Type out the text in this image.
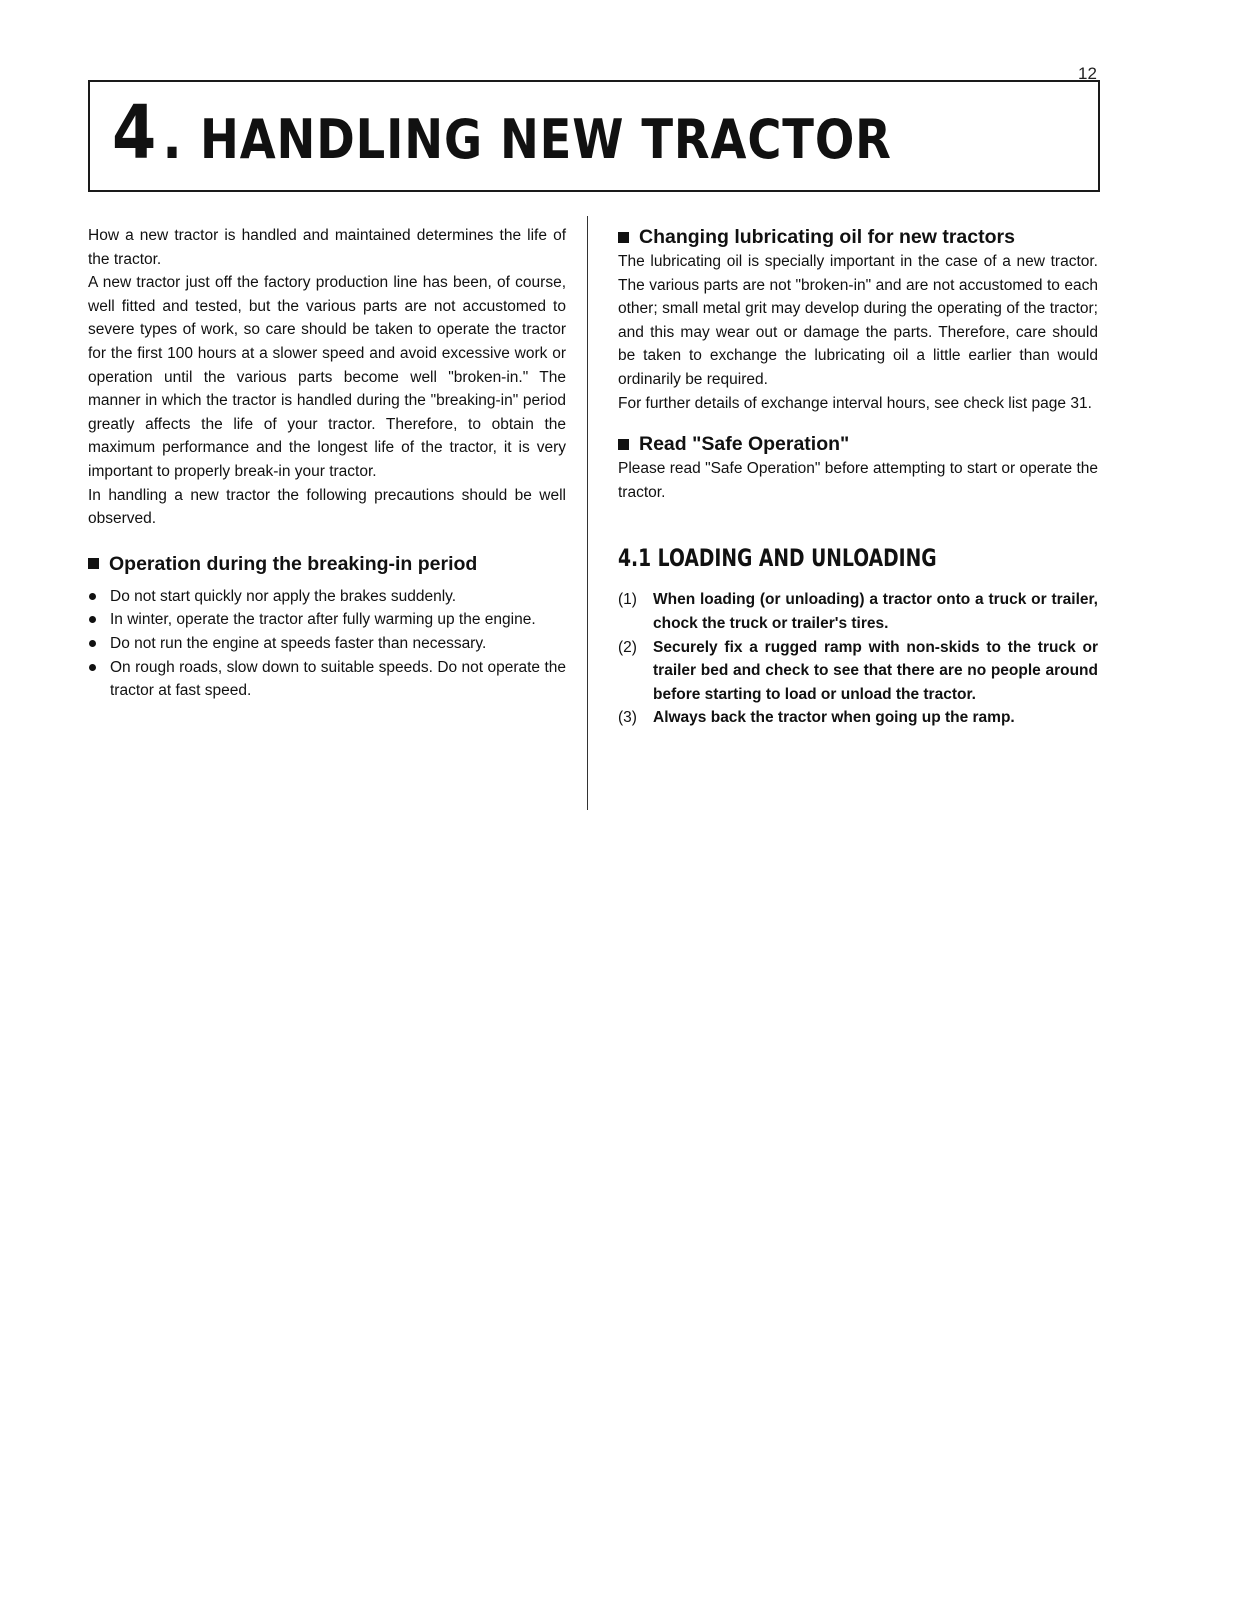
12
4. HANDLING NEW TRACTOR

How a new tractor is handled and maintained determines the life of the tractor.

A new tractor just off the factory production line has been, of course, well fitted and tested, but the various parts are not accustomed to severe types of work, so care should be taken to operate the tractor for the first 100 hours at a slower speed and avoid excessive work or operation until the various parts become well "broken-in." The manner in which the tractor is handled during the "breaking-in" period greatly affects the life of your tractor. Therefore, to obtain the maximum performance and the longest life of the tractor, it is very important to properly break-in your tractor.

In handling a new tractor the following precautions should be well observed.

Operation during the breaking-in period
Do not start quickly nor apply the brakes suddenly.
In winter, operate the tractor after fully warming up the engine.
Do not run the engine at speeds faster than necessary.
On rough roads, slow down to suitable speeds. Do not operate the tractor at fast speed.
Changing lubricating oil for new tractors

The lubricating oil is specially important in the case of a new tractor. The various parts are not "broken-in" and are not accustomed to each other; small metal grit may develop during the operating of the tractor; and this may wear out or damage the parts. Therefore, care should be taken to exchange the lubricating oil a little earlier than would ordinarily be required.

For further details of exchange interval hours, see check list page 31.

Read "Safe Operation"

Please read "Safe Operation" before attempting to start or operate the tractor.

4.1 LOADING AND UNLOADING
(1) When loading (or unloading) a tractor onto a truck or trailer, chock the truck or trailer's tires.
(2) Securely fix a rugged ramp with non-skids to the truck or trailer bed and check to see that there are no people around before starting to load or unload the tractor.
(3) Always back the tractor when going up the ramp.
